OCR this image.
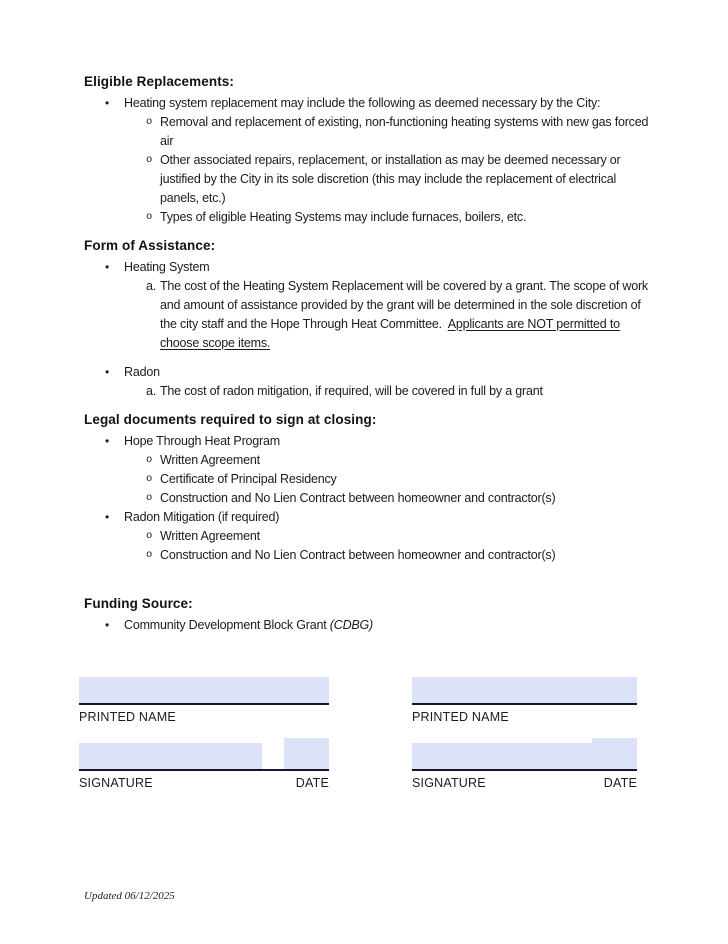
Eligible Replacements:
• Heating system replacement may include the following as deemed necessary by the City:
o Removal and replacement of existing, non-functioning heating systems with new gas forced air
o Other associated repairs, replacement, or installation as may be deemed necessary or justified by the City in its sole discretion (this may include the replacement of electrical panels, etc.)
o Types of eligible Heating Systems may include furnaces, boilers, etc.
Form of Assistance:
• Heating System
a. The cost of the Heating System Replacement will be covered by a grant. The scope of work and amount of assistance provided by the grant will be determined in the sole discretion of the city staff and the Hope Through Heat Committee.  Applicants are NOT permitted to choose scope items.
• Radon
a. The cost of radon mitigation, if required, will be covered in full by a grant
Legal documents required to sign at closing:
• Hope Through Heat Program
o Written Agreement
o Certificate of Principal Residency
o Construction and No Lien Contract between homeowner and contractor(s)
• Radon Mitigation (if required)
o Written Agreement
o Construction and No Lien Contract between homeowner and contractor(s)
Funding Source:
• Community Development Block Grant (CDBG)
PRINTED NAME
SIGNATURE	DATE
PRINTED NAME
SIGNATURE	DATE
Updated 06/12/2025
